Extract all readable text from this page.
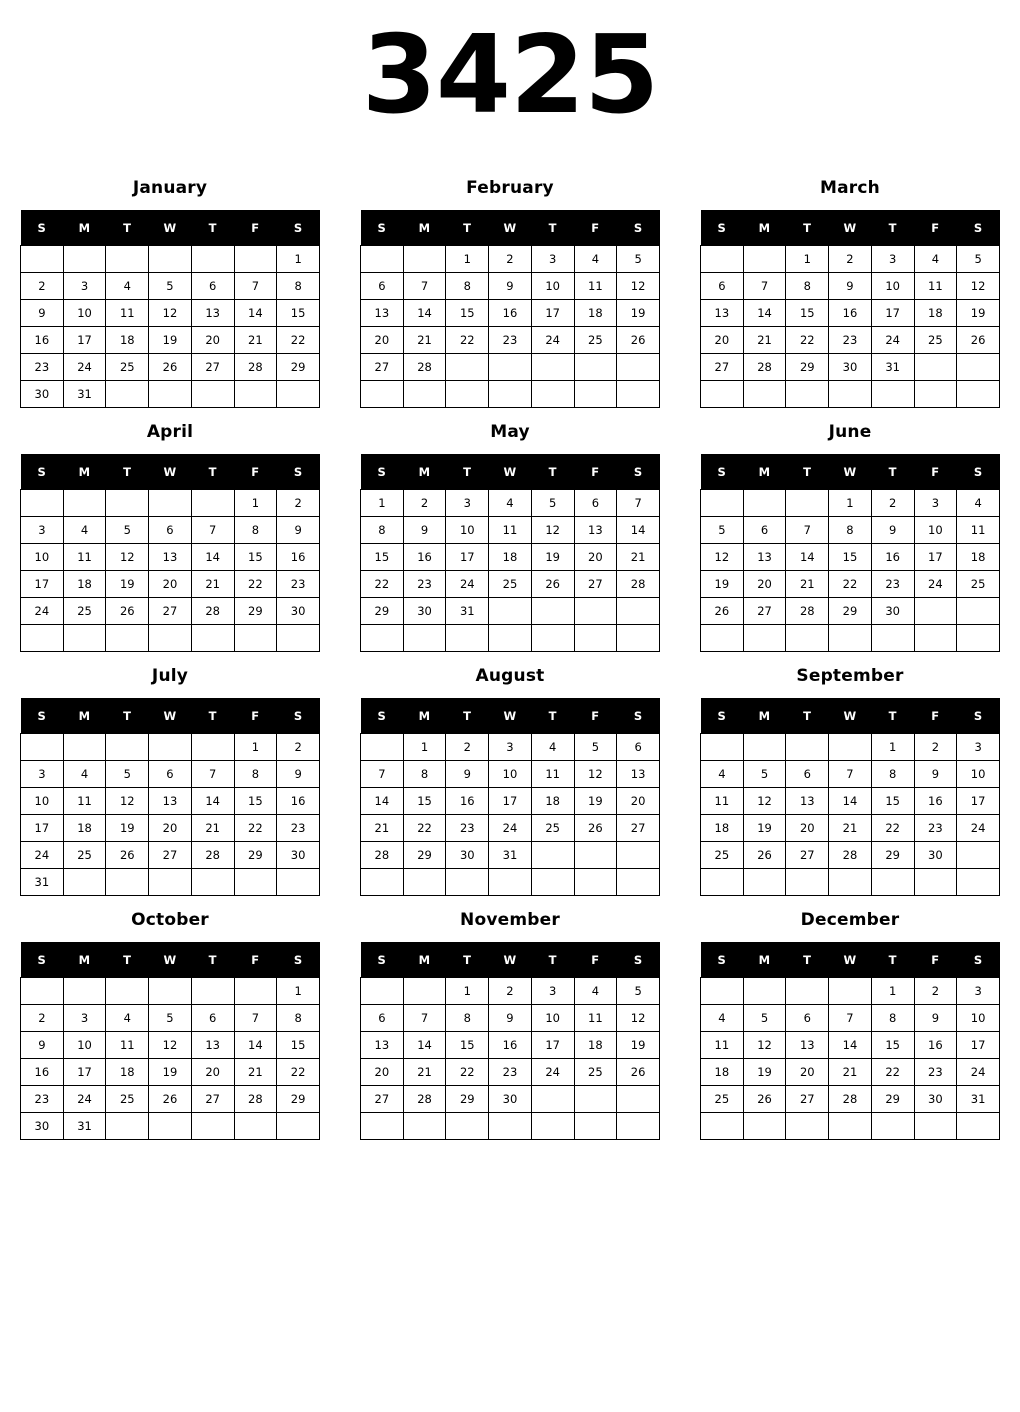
3425
January
S	M	T	W	T	F	S
						1
2	3	4	5	6	7	8
9	10	11	12	13	14	15
16	17	18	19	20	21	22
23	24	25	26	27	28	29
30	31					
February
S	M	T	W	T	F	S
		1	2	3	4	5
6	7	8	9	10	11	12
13	14	15	16	17	18	19
20	21	22	23	24	25	26
27	28					

March
S	M	T	W	T	F	S
		1	2	3	4	5
6	7	8	9	10	11	12
13	14	15	16	17	18	19
20	21	22	23	24	25	26
27	28	29	30	31		

April
S	M	T	W	T	F	S
					1	2
3	4	5	6	7	8	9
10	11	12	13	14	15	16
17	18	19	20	21	22	23
24	25	26	27	28	29	30

May
S	M	T	W	T	F	S
1	2	3	4	5	6	7
8	9	10	11	12	13	14
15	16	17	18	19	20	21
22	23	24	25	26	27	28
29	30	31				

June
S	M	T	W	T	F	S
			1	2	3	4
5	6	7	8	9	10	11
12	13	14	15	16	17	18
19	20	21	22	23	24	25
26	27	28	29	30		

July
S	M	T	W	T	F	S
					1	2
3	4	5	6	7	8	9
10	11	12	13	14	15	16
17	18	19	20	21	22	23
24	25	26	27	28	29	30
31						
August
S	M	T	W	T	F	S
	1	2	3	4	5	6
7	8	9	10	11	12	13
14	15	16	17	18	19	20
21	22	23	24	25	26	27
28	29	30	31			

September
S	M	T	W	T	F	S
				1	2	3
4	5	6	7	8	9	10
11	12	13	14	15	16	17
18	19	20	21	22	23	24
25	26	27	28	29	30	

October
S	M	T	W	T	F	S
						1
2	3	4	5	6	7	8
9	10	11	12	13	14	15
16	17	18	19	20	21	22
23	24	25	26	27	28	29
30	31					
November
S	M	T	W	T	F	S
		1	2	3	4	5
6	7	8	9	10	11	12
13	14	15	16	17	18	19
20	21	22	23	24	25	26
27	28	29	30			

December
S	M	T	W	T	F	S
				1	2	3
4	5	6	7	8	9	10
11	12	13	14	15	16	17
18	19	20	21	22	23	24
25	26	27	28	29	30	31
